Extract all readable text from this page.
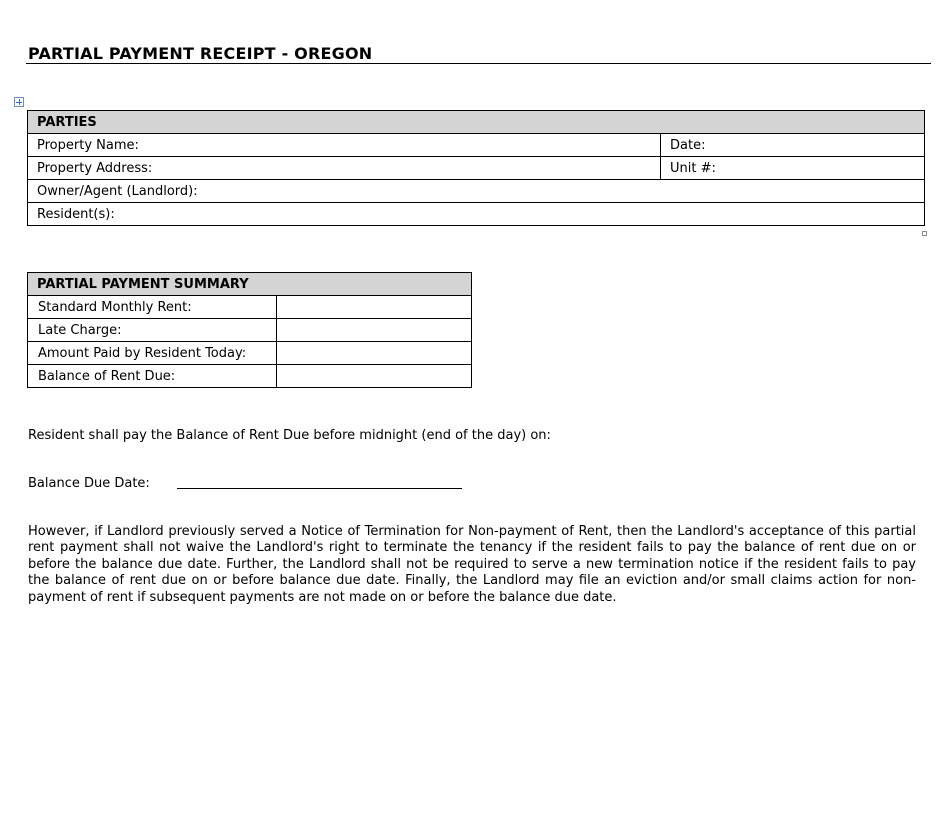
PARTIAL PAYMENT RECEIPT - OREGON
PARTIES	
Property Name:	Date:
Property Address:	Unit #:
Owner/Agent (Landlord):	
Resident(s):	
PARTIAL PAYMENT SUMMARY	
Standard Monthly Rent:	
Late Charge:	
Amount Paid by Resident Today:	
Balance of Rent Due:	
Resident shall pay the Balance of Rent Due before midnight (end of the day) on:
Balance Due Date:
However, if Landlord previously served a Notice of Termination for Non-payment of Rent, then the Landlord's acceptance of this partial rent payment shall not waive the Landlord's right to terminate the tenancy if the resident fails to pay the balance of rent due on or before the balance due date. Further, the Landlord shall not be required to serve a new termination notice if the resident fails to pay the balance of rent due on or before balance due date. Finally, the Landlord may file an eviction and/or small claims action for non-payment of rent if subsequent payments are not made on or before the balance due date.
